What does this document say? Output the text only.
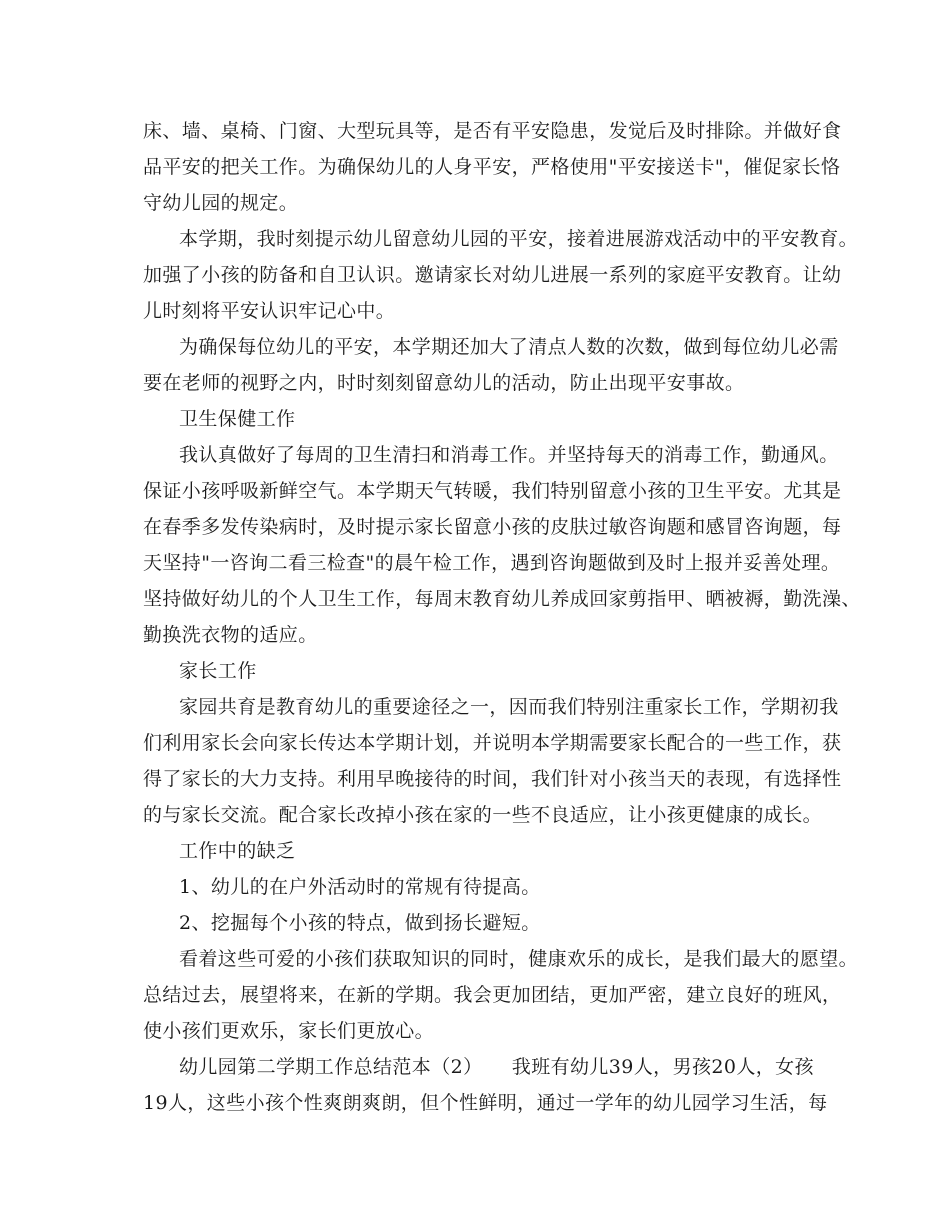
床、墙、桌椅、门窗、大型玩具等，是否有平安隐患，发觉后及时排除。并做好食
品平安的把关工作。为确保幼儿的人身平安，严格使用"平安接送卡"，催促家长恪
守幼儿园的规定。
本学期，我时刻提示幼儿留意幼儿园的平安，接着进展游戏活动中的平安教育。
加强了小孩的防备和自卫认识。邀请家长对幼儿进展一系列的家庭平安教育。让幼
儿时刻将平安认识牢记心中。
为确保每位幼儿的平安，本学期还加大了清点人数的次数，做到每位幼儿必需
要在老师的视野之内，时时刻刻留意幼儿的活动，防止出现平安事故。
卫生保健工作
我认真做好了每周的卫生清扫和消毒工作。并坚持每天的消毒工作，勤通风。
保证小孩呼吸新鲜空气。本学期天气转暖，我们特别留意小孩的卫生平安。尤其是
在春季多发传染病时，及时提示家长留意小孩的皮肤过敏咨询题和感冒咨询题，每
天坚持"一咨询二看三检查"的晨午检工作，遇到咨询题做到及时上报并妥善处理。
坚持做好幼儿的个人卫生工作，每周末教育幼儿养成回家剪指甲、晒被褥，勤洗澡、
勤换洗衣物的适应。
家长工作
家园共育是教育幼儿的重要途径之一，因而我们特别注重家长工作，学期初我
们利用家长会向家长传达本学期计划，并说明本学期需要家长配合的一些工作，获
得了家长的大力支持。利用早晚接待的时间，我们针对小孩当天的表现，有选择性
的与家长交流。配合家长改掉小孩在家的一些不良适应，让小孩更健康的成长。
工作中的缺乏
1、幼儿的在户外活动时的常规有待提高。
2、挖掘每个小孩的特点，做到扬长避短。
看着这些可爱的小孩们获取知识的同时，健康欢乐的成长，是我们最大的愿望。
总结过去，展望将来，在新的学期。我会更加团结，更加严密，建立良好的班风，
使小孩们更欢乐，家长们更放心。
幼儿园第二学期工作总结范本（2）　　我班有幼儿39人，男孩20人，女孩
19人，这些小孩个性爽朗爽朗，但个性鲜明，通过一学年的幼儿园学习生活，每
